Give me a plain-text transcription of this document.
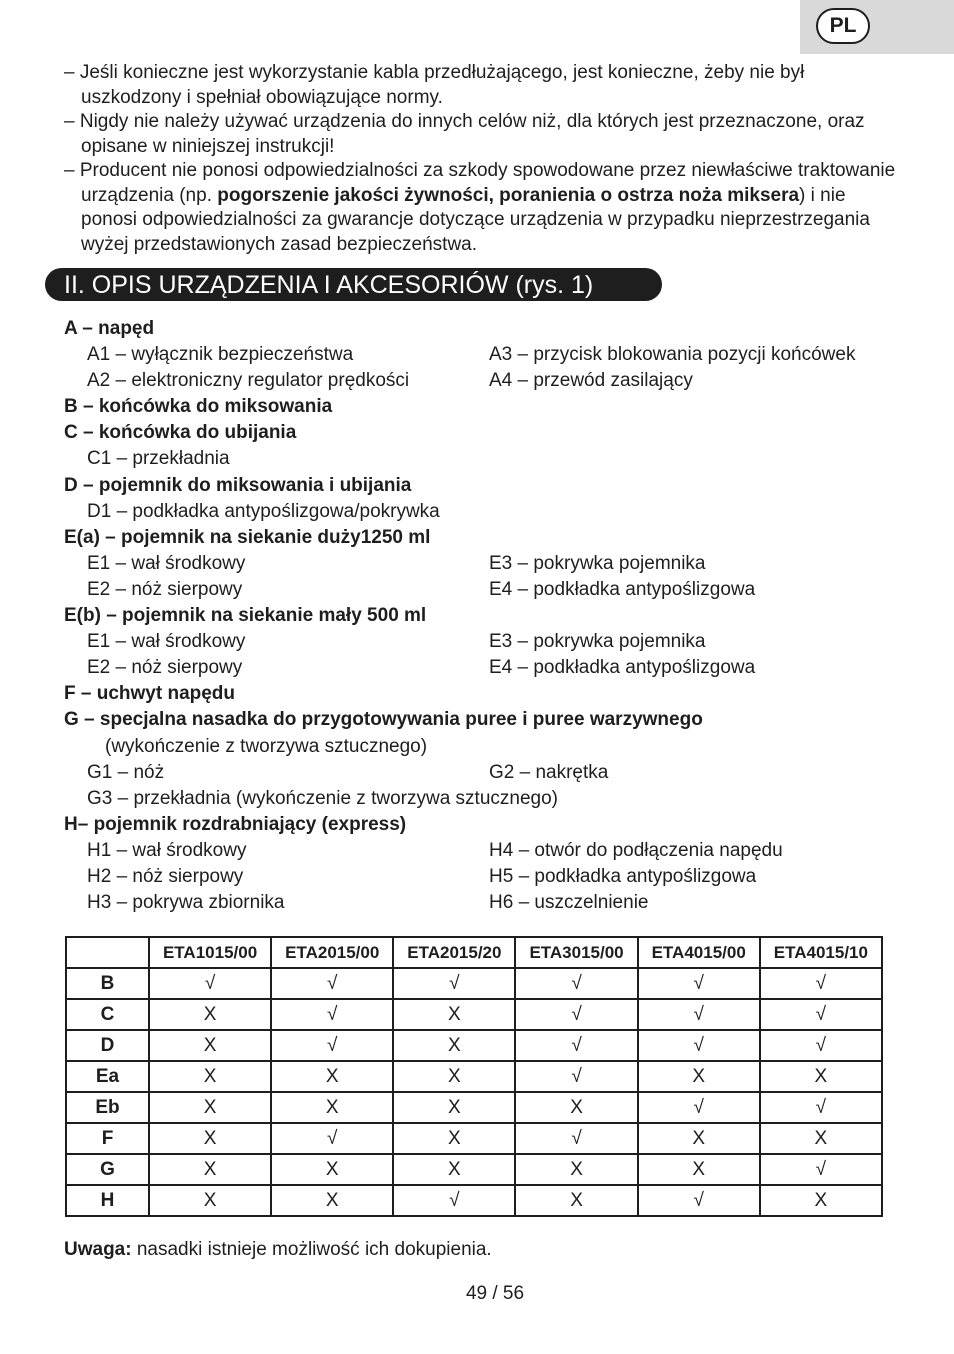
PL

– Jeśli konieczne jest wykorzystanie kabla przedłużającego, jest konieczne, żeby nie był uszkodzony i spełniał obowiązujące normy.

– Nigdy nie należy używać urządzenia do innych celów niż, dla których jest przeznaczone, oraz opisane w niniejszej instrukcji!

– Producent nie ponosi odpowiedzialności za szkody spowodowane przez niewłaściwe traktowanie urządzenia (np. pogorszenie jakości żywności, poranienia o ostrza noża miksera) i nie ponosi odpowiedzialności za gwarancje dotyczące urządzenia w przypadku nieprzestrzegania wyżej przedstawionych zasad bezpieczeństwa.

II. OPIS URZĄDZENIA I AKCESORIÓW (rys. 1)
A – napęd
A1 – wyłącznik bezpieczeństwa	A3 – przycisk blokowania pozycji końcówek
A2 – elektroniczny regulator prędkości	A4 – przewód zasilający
B – końcówka do miksowania
C – końcówka do ubijania
C1 – przekładnia
D – pojemnik do miksowania i ubijania
D1 – podkładka antypoślizgowa/pokrywka
E(a) – pojemnik na siekanie duży1250 ml
E1 – wał środkowy	E3 – pokrywka pojemnika
E2 – nóż sierpowy	E4 – podkładka antypoślizgowa
E(b) – pojemnik na siekanie mały 500 ml
E1 – wał środkowy	E3 – pokrywka pojemnika
E2 – nóż sierpowy	E4 – podkładka antypoślizgowa
F – uchwyt napędu
G – specjalna nasadka do przygotowywania puree i puree warzywnego
(wykończenie z tworzywa sztucznego)
G1 – nóż	G2 – nakrętka
G3 – przekładnia (wykończenie z tworzywa sztucznego)
H– pojemnik rozdrabniający (express)
H1 – wał środkowy	H4 – otwór do podłączenia napędu
H2 – nóż sierpowy	H5 – podkładka antypoślizgowa
H3 – pokrywa zbiornika	H6 – uszczelnienie
	ETA1015/00	ETA2015/00	ETA2015/20	ETA3015/00	ETA4015/00	ETA4015/10
B	√	√	√	√	√	√
C	X	√	X	√	√	√
D	X	√	X	√	√	√
Ea	X	X	X	√	X	X
Eb	X	X	X	X	√	√
F	X	√	X	√	X	X
G	X	X	X	X	X	√
H	X	X	√	X	√	X
Uwaga: nasadki istnieje możliwość ich dokupienia.
49 / 56
